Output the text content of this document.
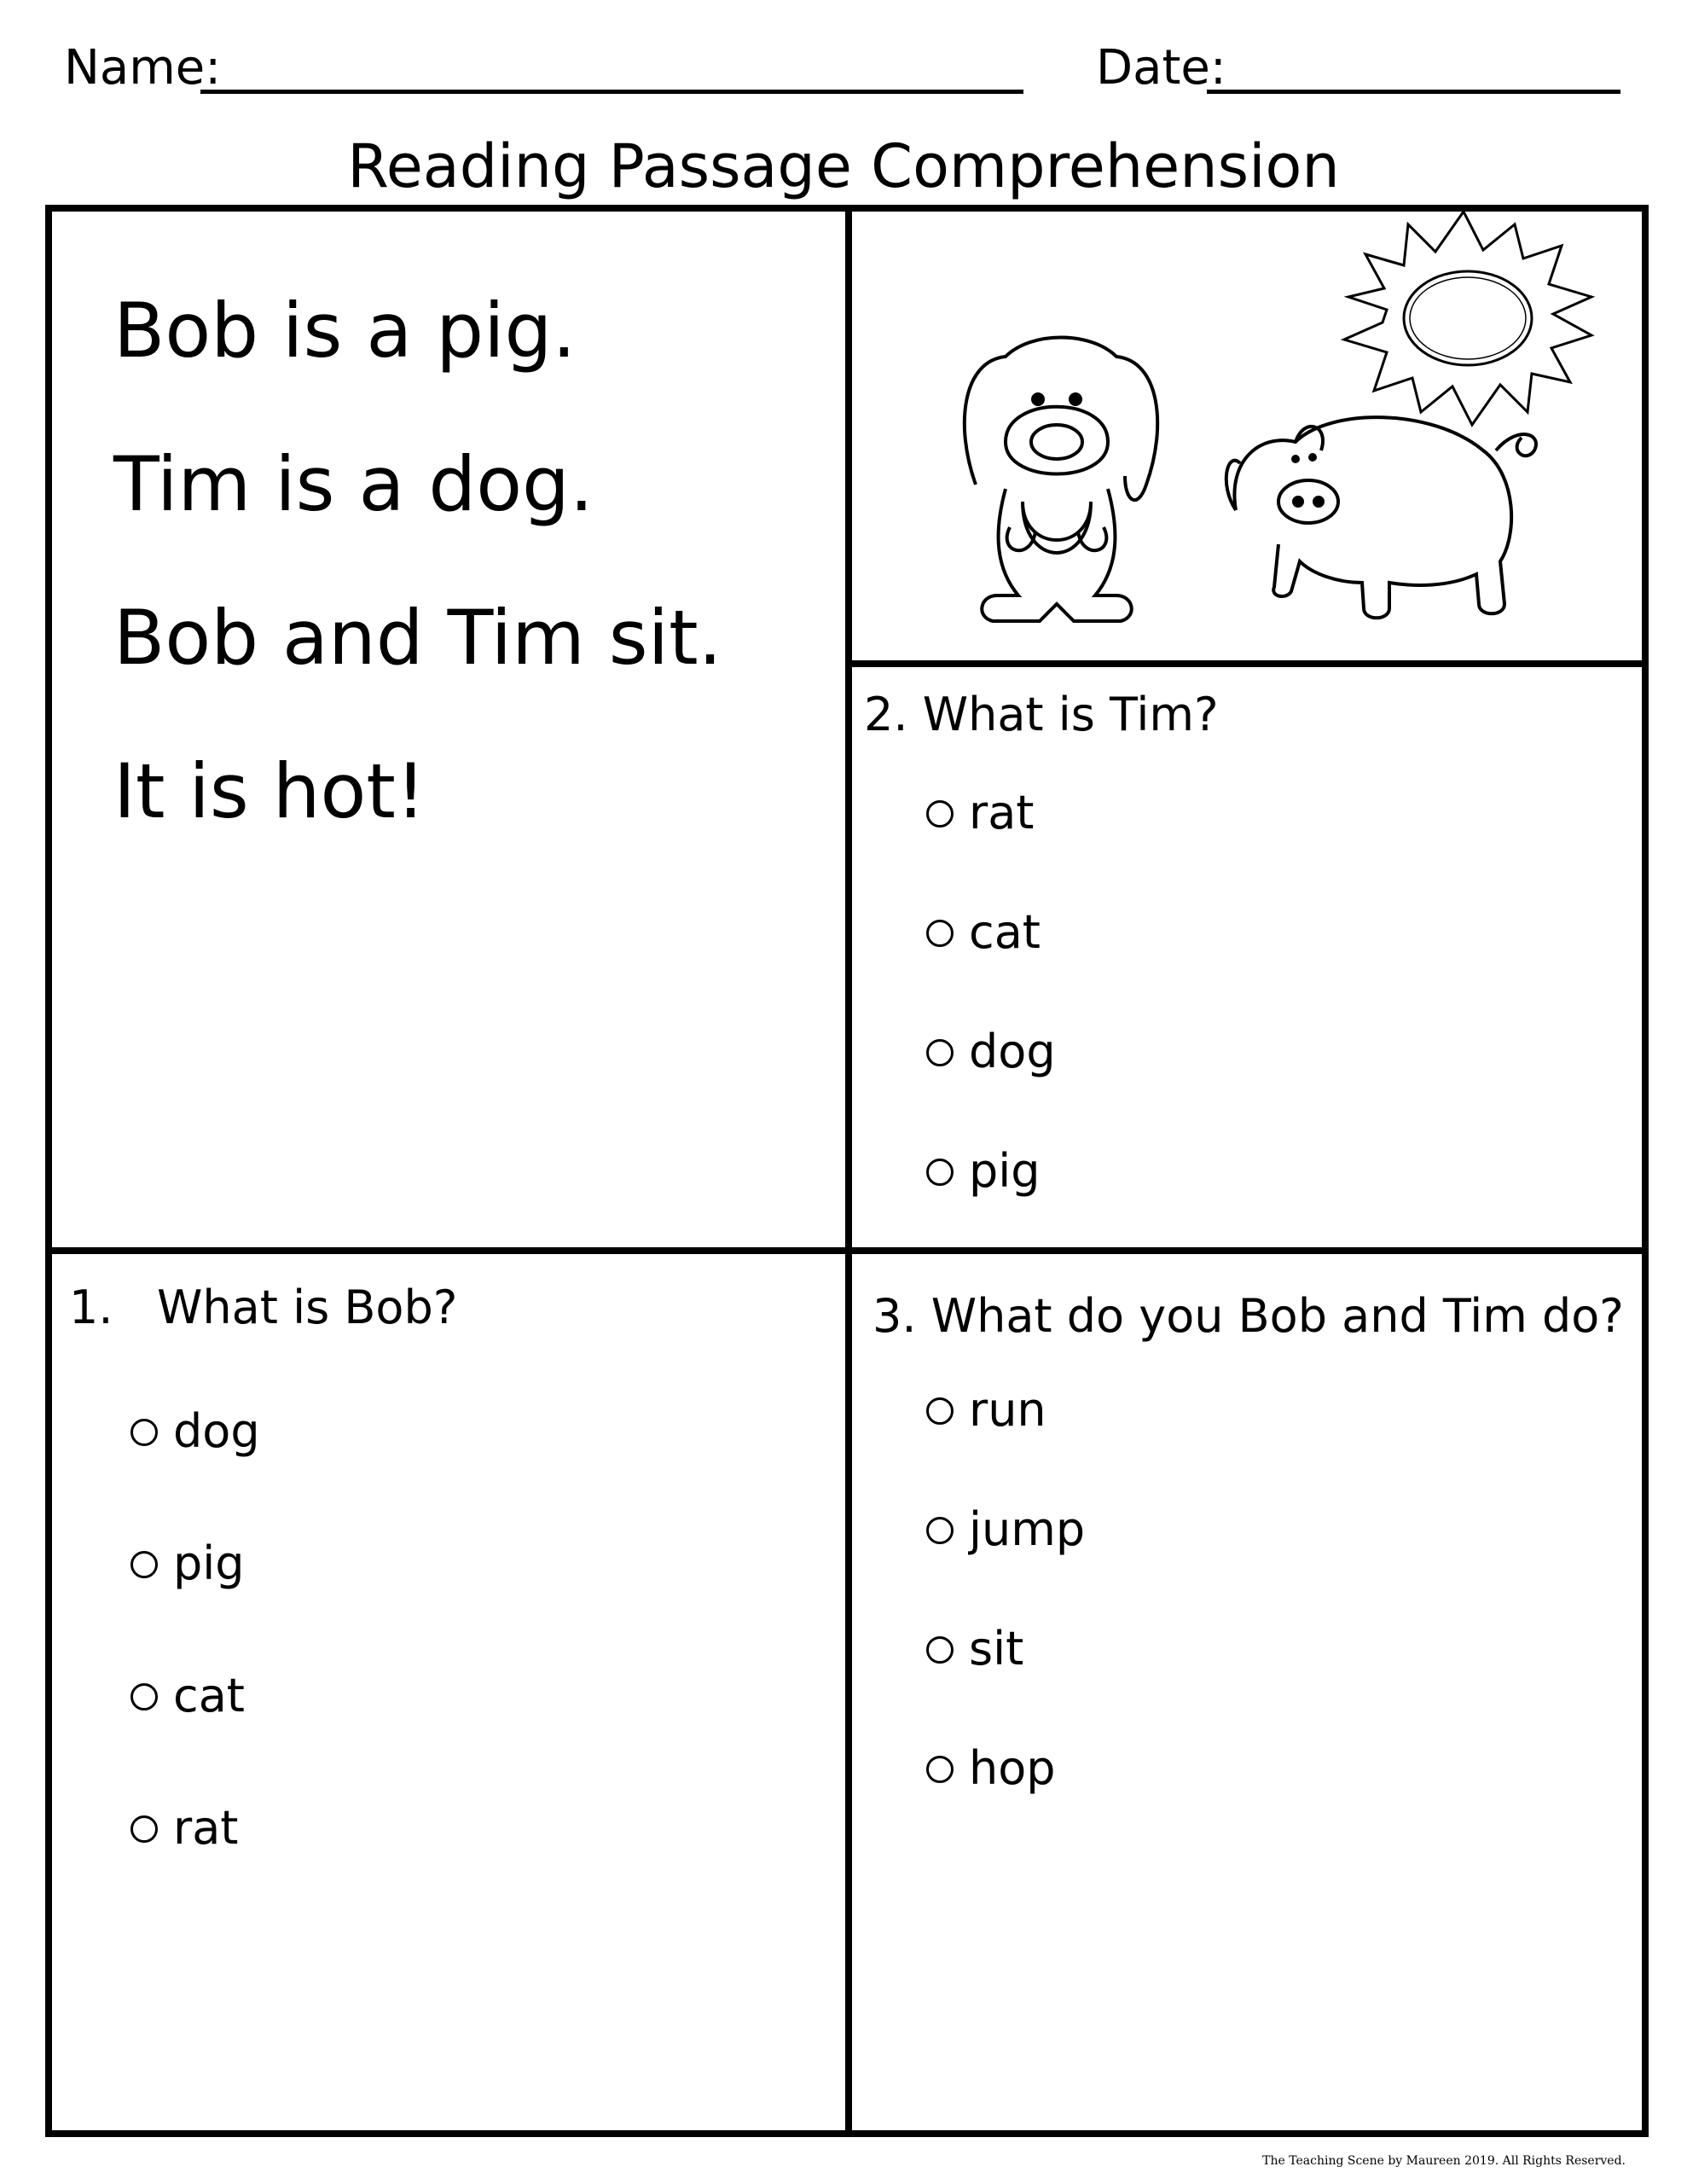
Name:	Date:
Reading Passage Comprehension
Bob is a pig.
Tim is a dog.
Bob and Tim sit.
It is hot!
2. What is Tim?
rat
cat
dog
pig
1. What is Bob?
dog
pig
cat
rat
3. What do you Bob and Tim do?
run
jump
sit
hop
The Teaching Scene by Maureen 2019. All Rights Reserved.
